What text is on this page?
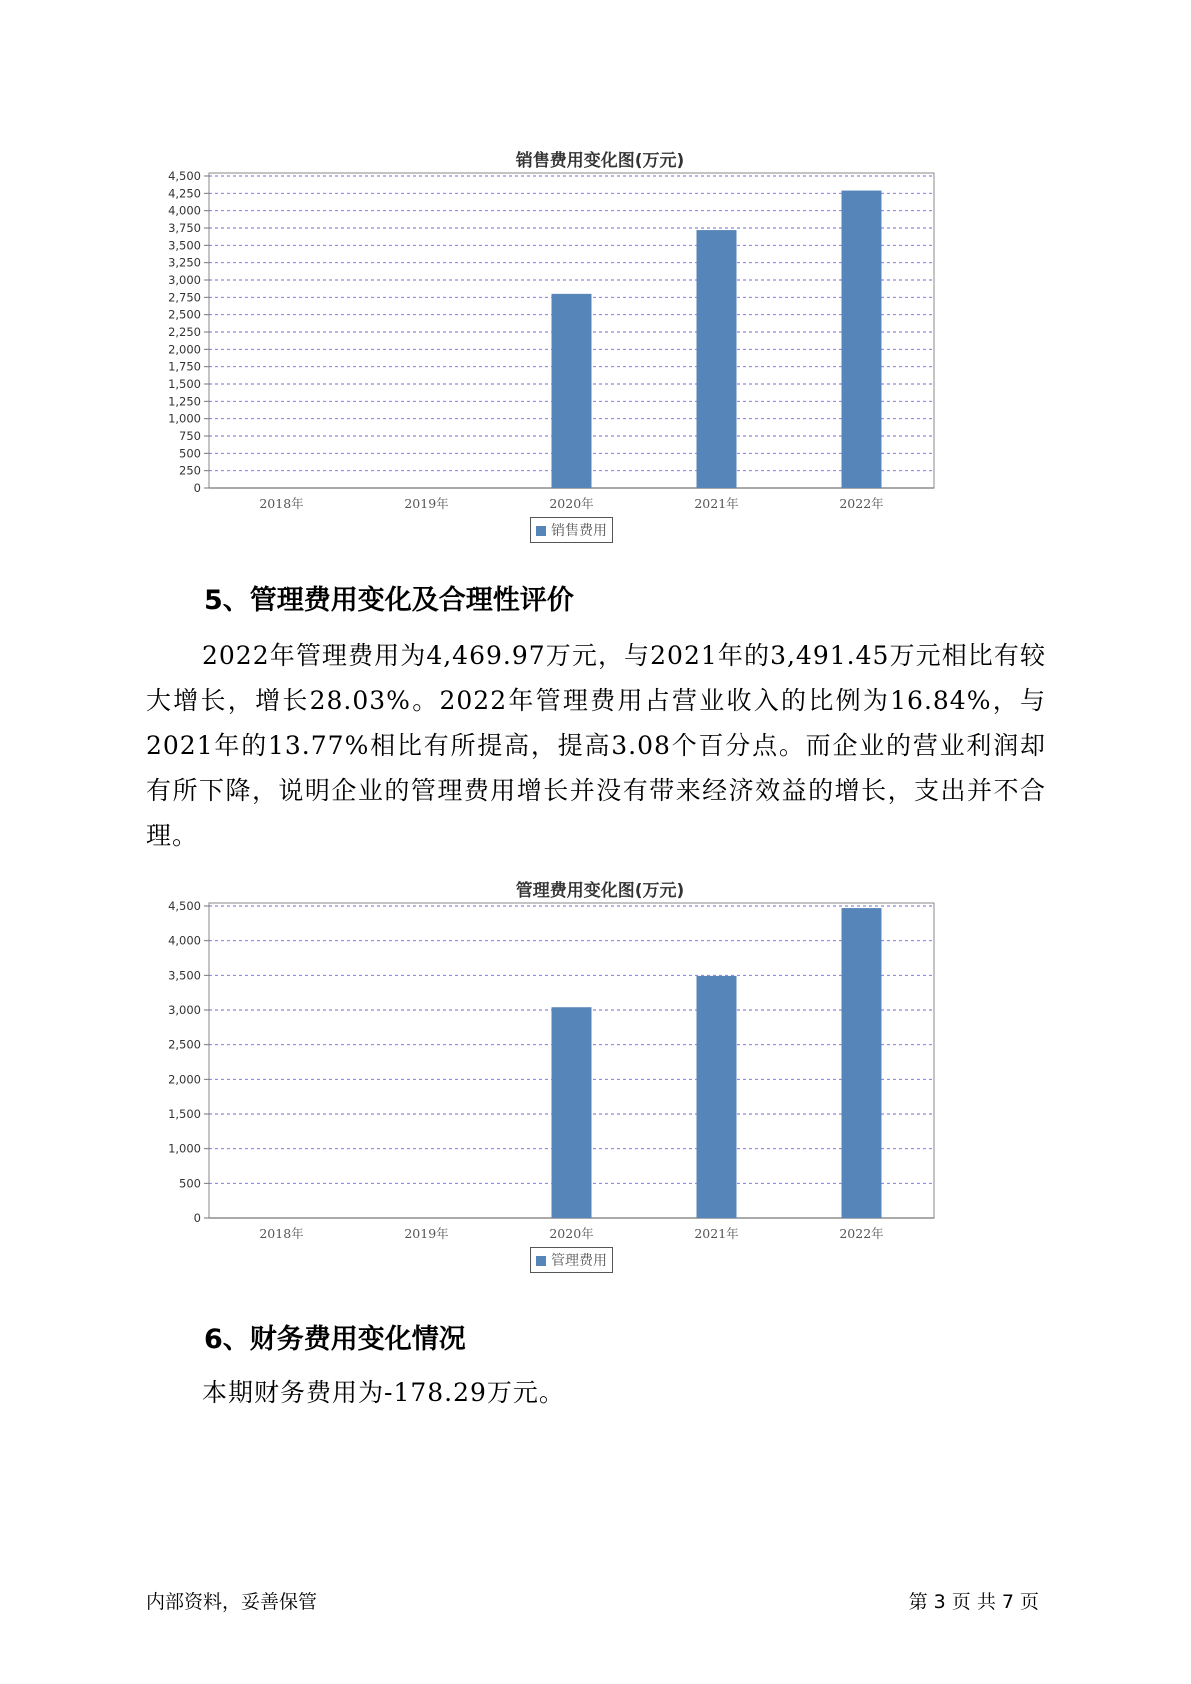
销售费用变化图(万元)
0
250
500
750
1,000
1,250
1,500
1,750
2,000
2,250
2,500
2,750
3,000
3,250
3,500
3,750
4,000
4,250
4,500
2018年	2019年	2020年	2021年	2022年
销售费用
5、管理费用变化及合理性评价
2022年管理费用为4,469.97万元，与2021年的3,491.45万元相比有较大增长，增长28.03%。2022年管理费用占营业收入的比例为16.84%，与2021年的13.77%相比有所提高，提高3.08个百分点。而企业的营业利润却有所下降，说明企业的管理费用增长并没有带来经济效益的增长，支出并不合理。
管理费用变化图(万元)
0
500
1,000
1,500
2,000
2,500
3,000
3,500
4,000
4,500
2018年	2019年	2020年	2021年	2022年
管理费用
6、财务费用变化情况
本期财务费用为-178.29万元。
内部资料，妥善保管	第 3 页 共 7 页
